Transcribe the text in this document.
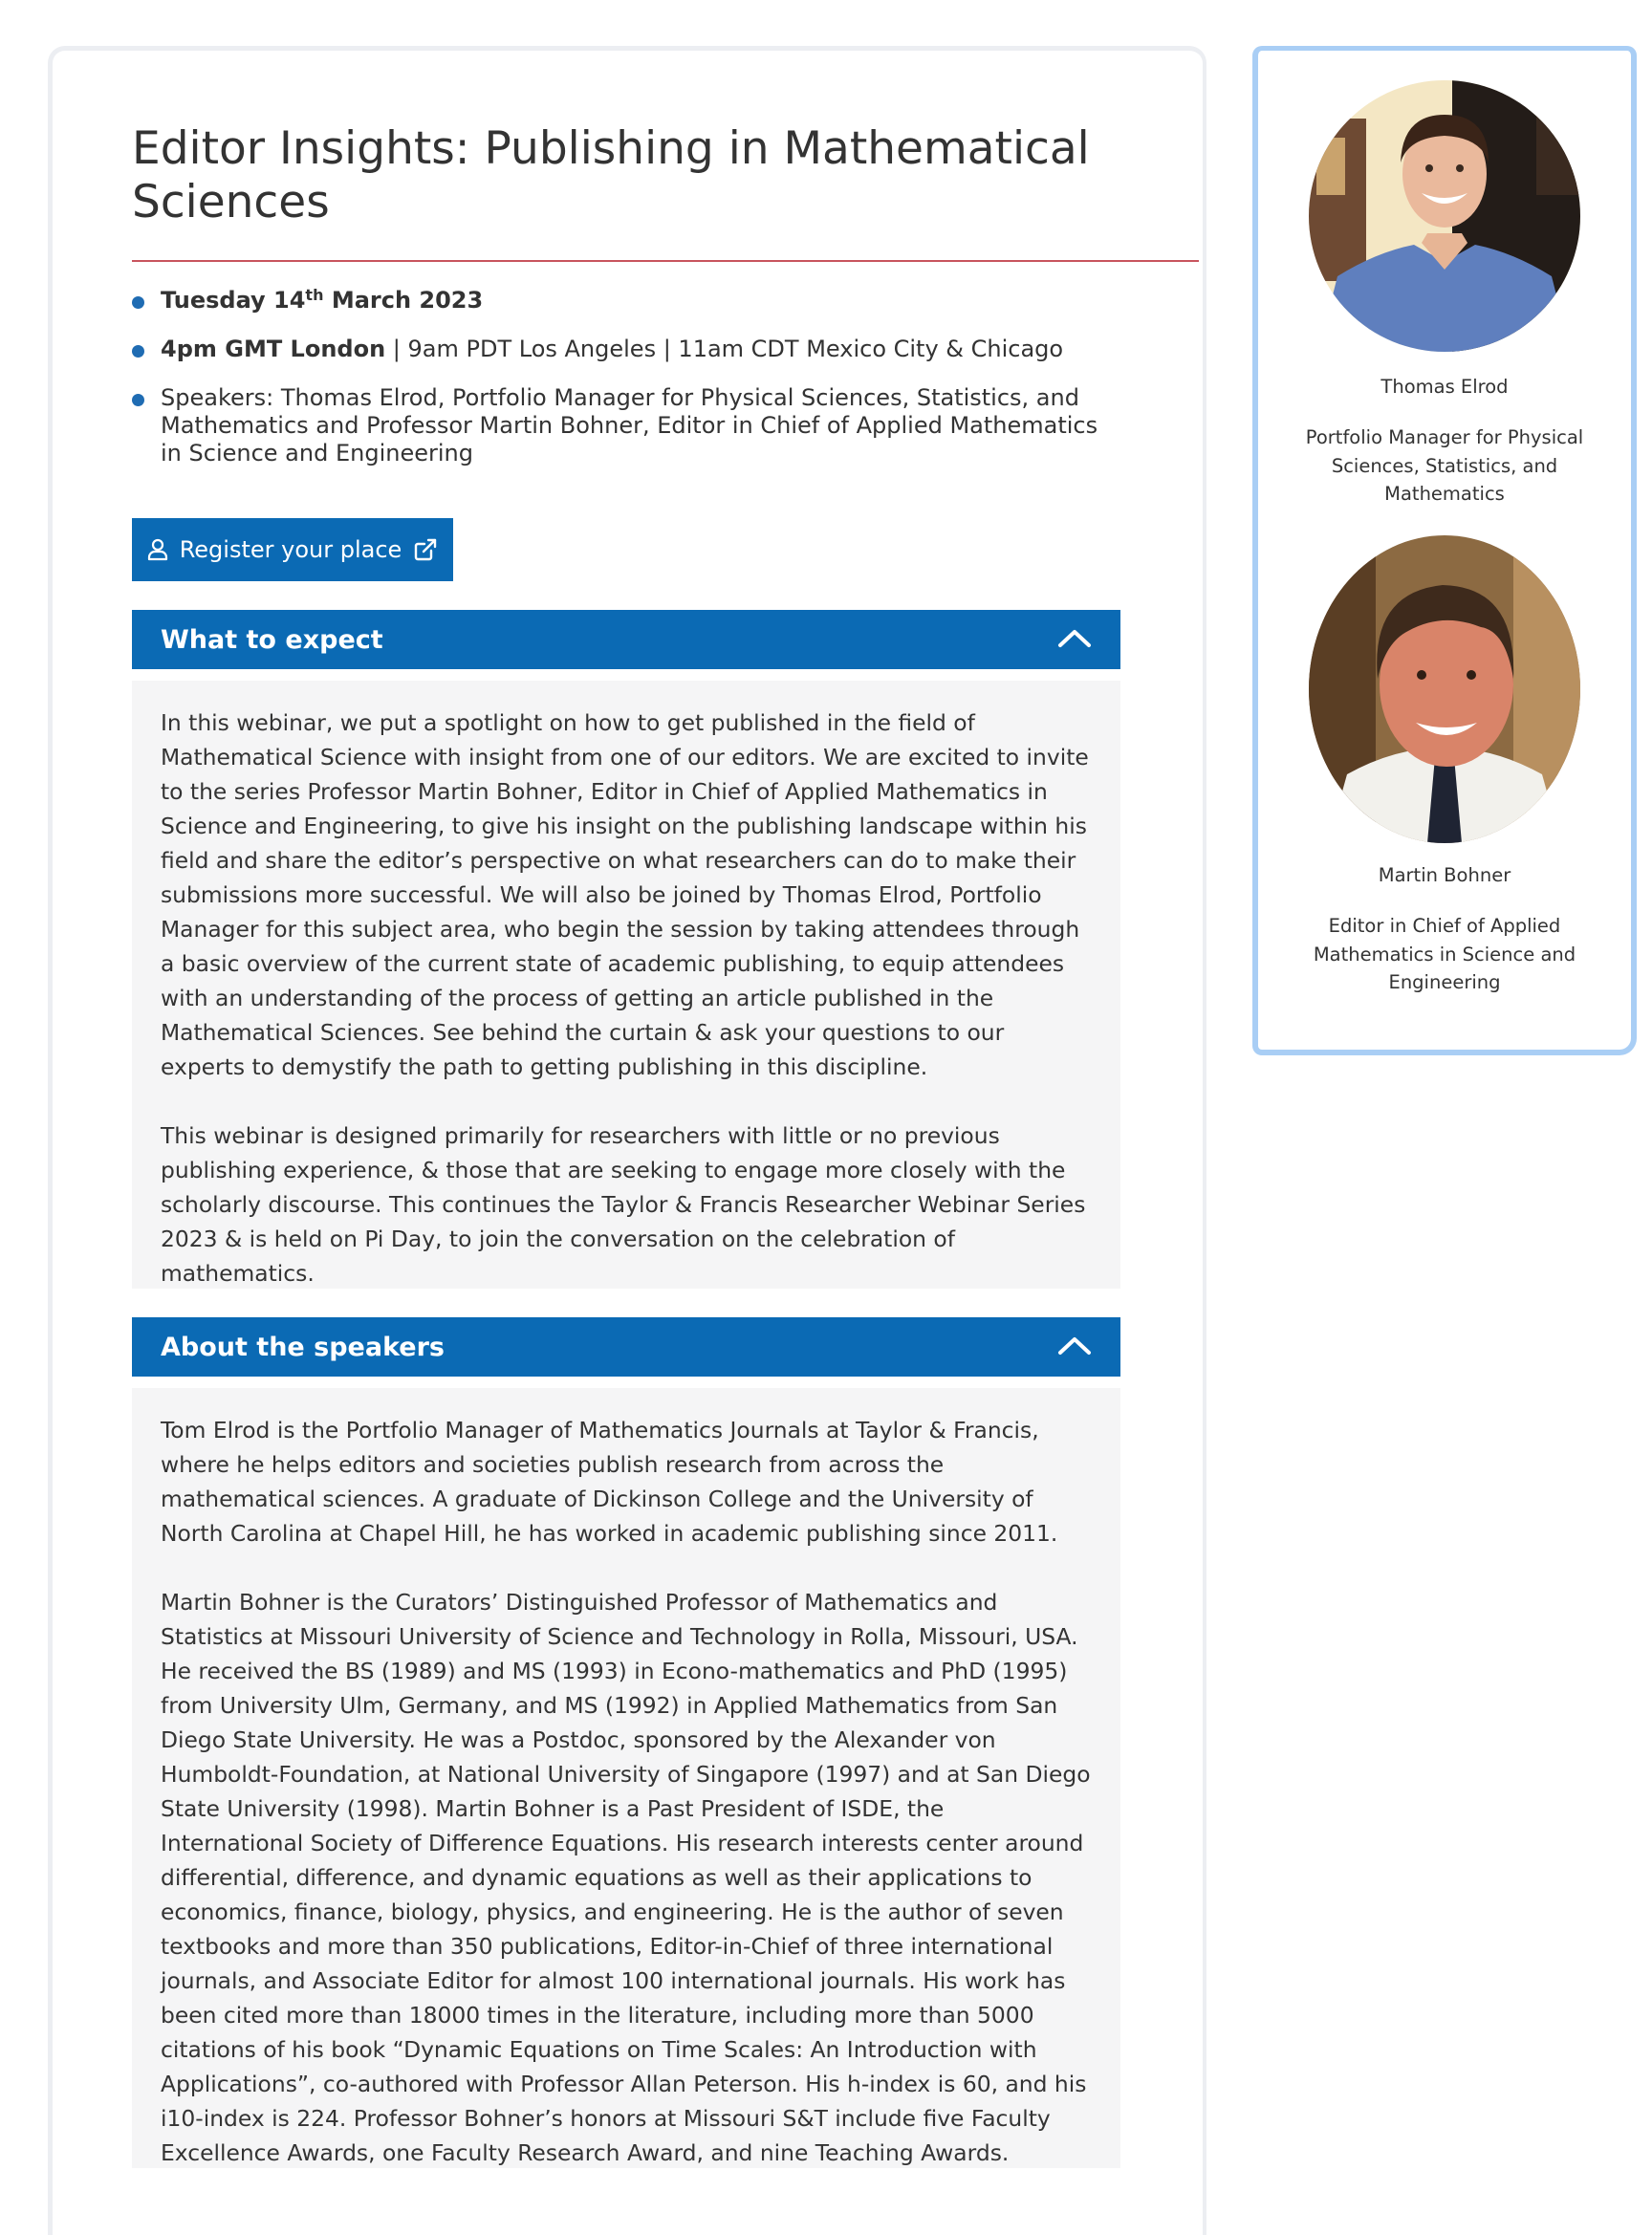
Editor Insights: Publishing in Mathematical Sciences
Tuesday 14th March 2023
4pm GMT London | 9am PDT Los Angeles | 11am CDT Mexico City & Chicago
Speakers: Thomas Elrod, Portfolio Manager for Physical Sciences, Statistics, and Mathematics and Professor Martin Bohner, Editor in Chief of Applied Mathematics in Science and Engineering
Register your place
What to expect

In this webinar, we put a spotlight on how to get published in the field of Mathematical Science with insight from one of our editors. We are excited to invite to the series Professor Martin Bohner, Editor in Chief of Applied Mathematics in Science and Engineering, to give his insight on the publishing landscape within his field and share the editor’s perspective on what researchers can do to make their submissions more successful. We will also be joined by Thomas Elrod, Portfolio Manager for this subject area, who begin the session by taking attendees through a basic overview of the current state of academic publishing, to equip attendees with an understanding of the process of getting an article published in the Mathematical Sciences. See behind the curtain & ask your questions to our experts to demystify the path to getting publishing in this discipline.

This webinar is designed primarily for researchers with little or no previous publishing experience, & those that are seeking to engage more closely with the scholarly discourse. This continues the Taylor & Francis Researcher Webinar Series 2023 & is held on Pi Day, to join the conversation on the celebration of mathematics.

About the speakers

Tom Elrod is the Portfolio Manager of Mathematics Journals at Taylor & Francis, where he helps editors and societies publish research from across the mathematical sciences. A graduate of Dickinson College and the University of North Carolina at Chapel Hill, he has worked in academic publishing since 2011.

Martin Bohner is the Curators’ Distinguished Professor of Mathematics and Statistics at Missouri University of Science and Technology in Rolla, Missouri, USA. He received the BS (1989) and MS (1993) in Econo-mathematics and PhD (1995) from University Ulm, Germany, and MS (1992) in Applied Mathematics from San Diego State University. He was a Postdoc, sponsored by the Alexander von Humboldt-Foundation, at National University of Singapore (1997) and at San Diego State University (1998). Martin Bohner is a Past President of ISDE, the International Society of Difference Equations. His research interests center around differential, difference, and dynamic equations as well as their applications to economics, finance, biology, physics, and engineering. He is the author of seven textbooks and more than 350 publications, Editor-in-Chief of three international journals, and Associate Editor for almost 100 international journals. His work has been cited more than 18000 times in the literature, including more than 5000 citations of his book “Dynamic Equations on Time Scales: An Introduction with Applications”, co-authored with Professor Allan Peterson. His h-index is 60, and his i10-index is 224. Professor Bohner’s honors at Missouri S&T include five Faculty Excellence Awards, one Faculty Research Award, and nine Teaching Awards.

Thomas Elrod
Portfolio Manager for Physical Sciences, Statistics, and Mathematics
Martin Bohner
Editor in Chief of Applied Mathematics in Science and Engineering
